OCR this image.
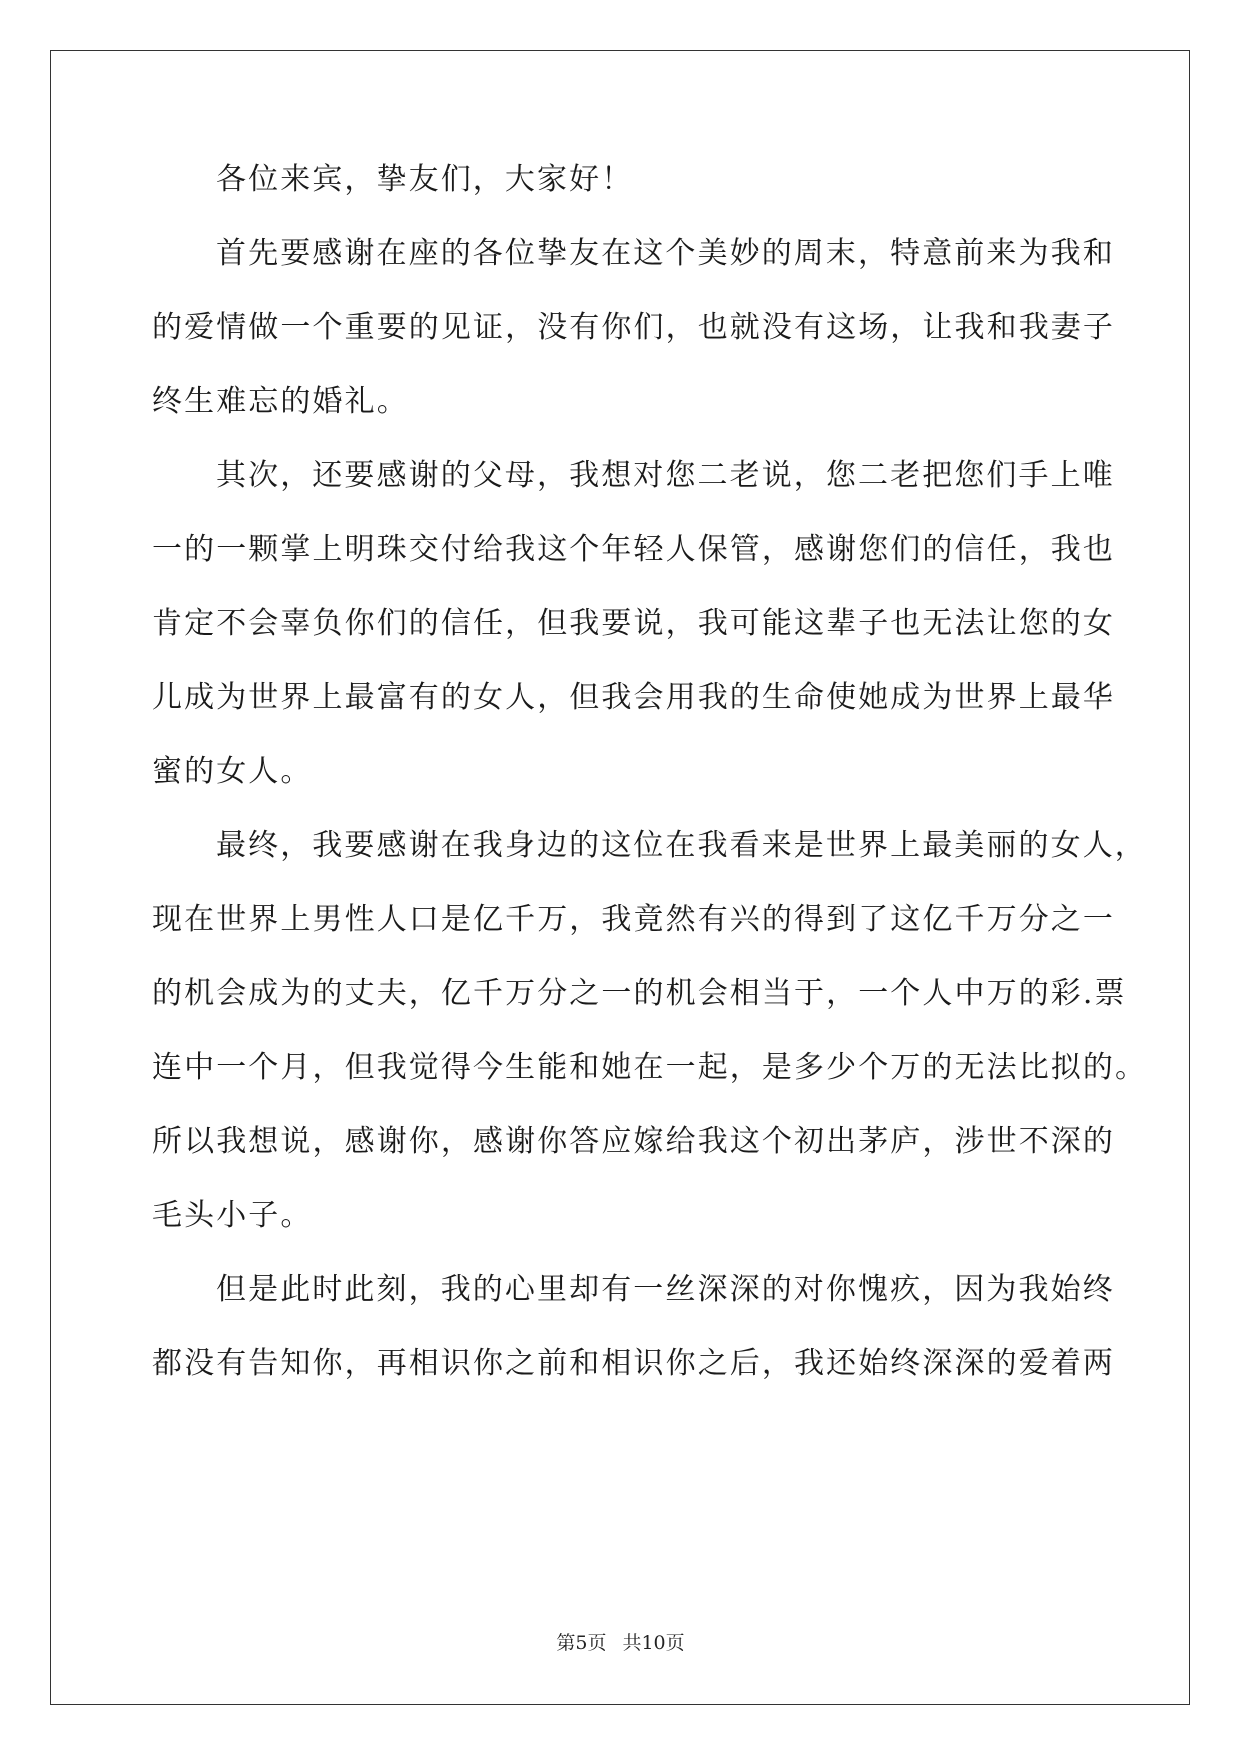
各位来宾，挚友们，大家好！
首先要感谢在座的各位挚友在这个美妙的周末，特意前来为我和
的爱情做一个重要的见证，没有你们，也就没有这场，让我和我妻子
终生难忘的婚礼。
其次，还要感谢的父母，我想对您二老说，您二老把您们手上唯
一的一颗掌上明珠交付给我这个年轻人保管，感谢您们的信任，我也
肯定不会辜负你们的信任，但我要说，我可能这辈子也无法让您的女
儿成为世界上最富有的女人，但我会用我的生命使她成为世界上最华
蜜的女人。
最终，我要感谢在我身边的这位在我看来是世界上最美丽的女人，
现在世界上男性人口是亿千万，我竟然有兴的得到了这亿千万分之一
的机会成为的丈夫，亿千万分之一的机会相当于，一个人中万的彩.票
连中一个月，但我觉得今生能和她在一起，是多少个万的无法比拟的。
所以我想说，感谢你，感谢你答应嫁给我这个初出茅庐，涉世不深的
毛头小子。
但是此时此刻，我的心里却有一丝深深的对你愧疚，因为我始终
都没有告知你，再相识你之前和相识你之后，我还始终深深的爱着两
第5页 共10页
